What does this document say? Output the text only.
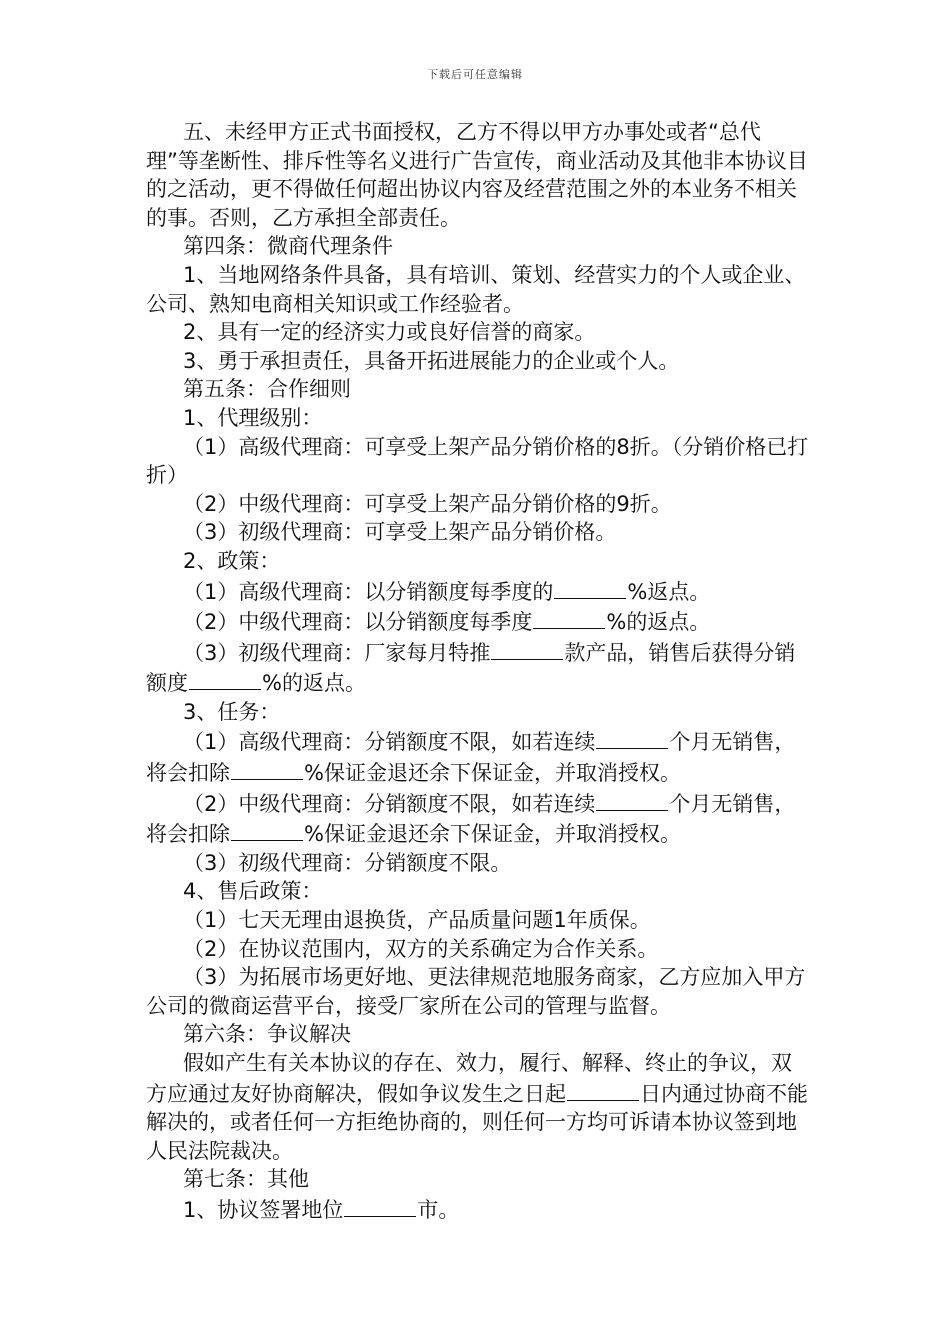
下载后可任意编辑

五、未经甲方正式书面授权，乙方不得以甲方办事处或者“总代理”等垄断性、排斥性等名义进行广告宣传，商业活动及其他非本协议目的之活动，更不得做任何超出协议内容及经营范围之外的本业务不相关的事。否则，乙方承担全部责任。

第四条：微商代理条件

1、当地网络条件具备，具有培训、策划、经营实力的个人或企业、公司、熟知电商相关知识或工作经验者。

2、具有一定的经济实力或良好信誉的商家。

3、勇于承担责任，具备开拓进展能力的企业或个人。

第五条：合作细则

1、代理级别：

（1）高级代理商：可享受上架产品分销价格的8折。（分销价格已打折）

（2）中级代理商：可享受上架产品分销价格的9折。

（3）初级代理商：可享受上架产品分销价格。

2、政策：

（1）高级代理商：以分销额度每季度的	%返点。

（2）中级代理商：以分销额度每季度	%的返点。

（3）初级代理商：厂家每月特推	款产品，销售后获得分销额度	%的返点。

3、任务：

（1）高级代理商：分销额度不限，如若连续	个月无销售，将会扣除	%保证金退还余下保证金，并取消授权。

（2）中级代理商：分销额度不限，如若连续	个月无销售，将会扣除	%保证金退还余下保证金，并取消授权。

（3）初级代理商：分销额度不限。

4、售后政策：

（1）七天无理由退换货，产品质量问题1年质保。

（2）在协议范围内，双方的关系确定为合作关系。

（3）为拓展市场更好地、更法律规范地服务商家，乙方应加入甲方公司的微商运营平台，接受厂家所在公司的管理与监督。

第六条：争议解决

假如产生有关本协议的存在、效力，履行、解释、终止的争议，双方应通过友好协商解决，假如争议发生之日起	日内通过协商不能解决的，或者任何一方拒绝协商的，则任何一方均可诉请本协议签到地人民法院裁决。

第七条：其他

1、协议签署地位	市。
